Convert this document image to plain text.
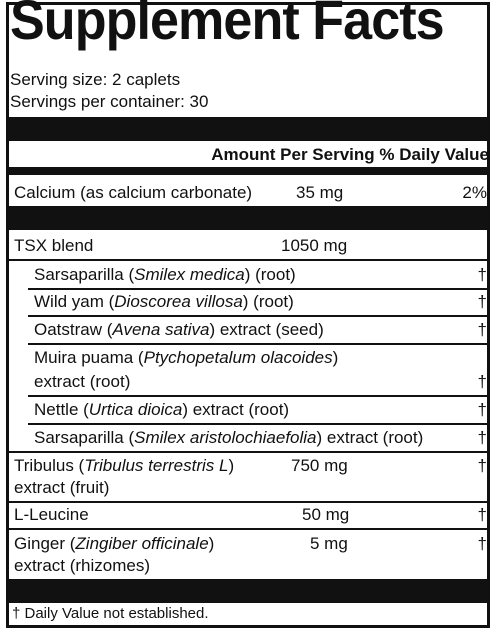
Supplement Facts
Serving size: 2 caplets
Servings per container: 30
Amount Per Serving % Daily Value
Calcium (as calcium carbonate)	35 mg	2%
TSX blend	1050 mg
Sarsaparilla (Smilex medica) (root)	†
Wild yam (Dioscorea villosa) (root)	†
Oatstraw (Avena sativa) extract (seed)	†
Muira puama (Ptychopetalum olacoides)
extract (root)	†
Nettle (Urtica dioica) extract (root)	†
Sarsaparilla (Smilex aristolochiaefolia) extract (root)	†
Tribulus (Tribulus terrestris L)	750 mg	†
extract (fruit)
L-Leucine	50 mg	†
Ginger (Zingiber officinale)	5 mg	†
extract (rhizomes)
† Daily Value not established.
